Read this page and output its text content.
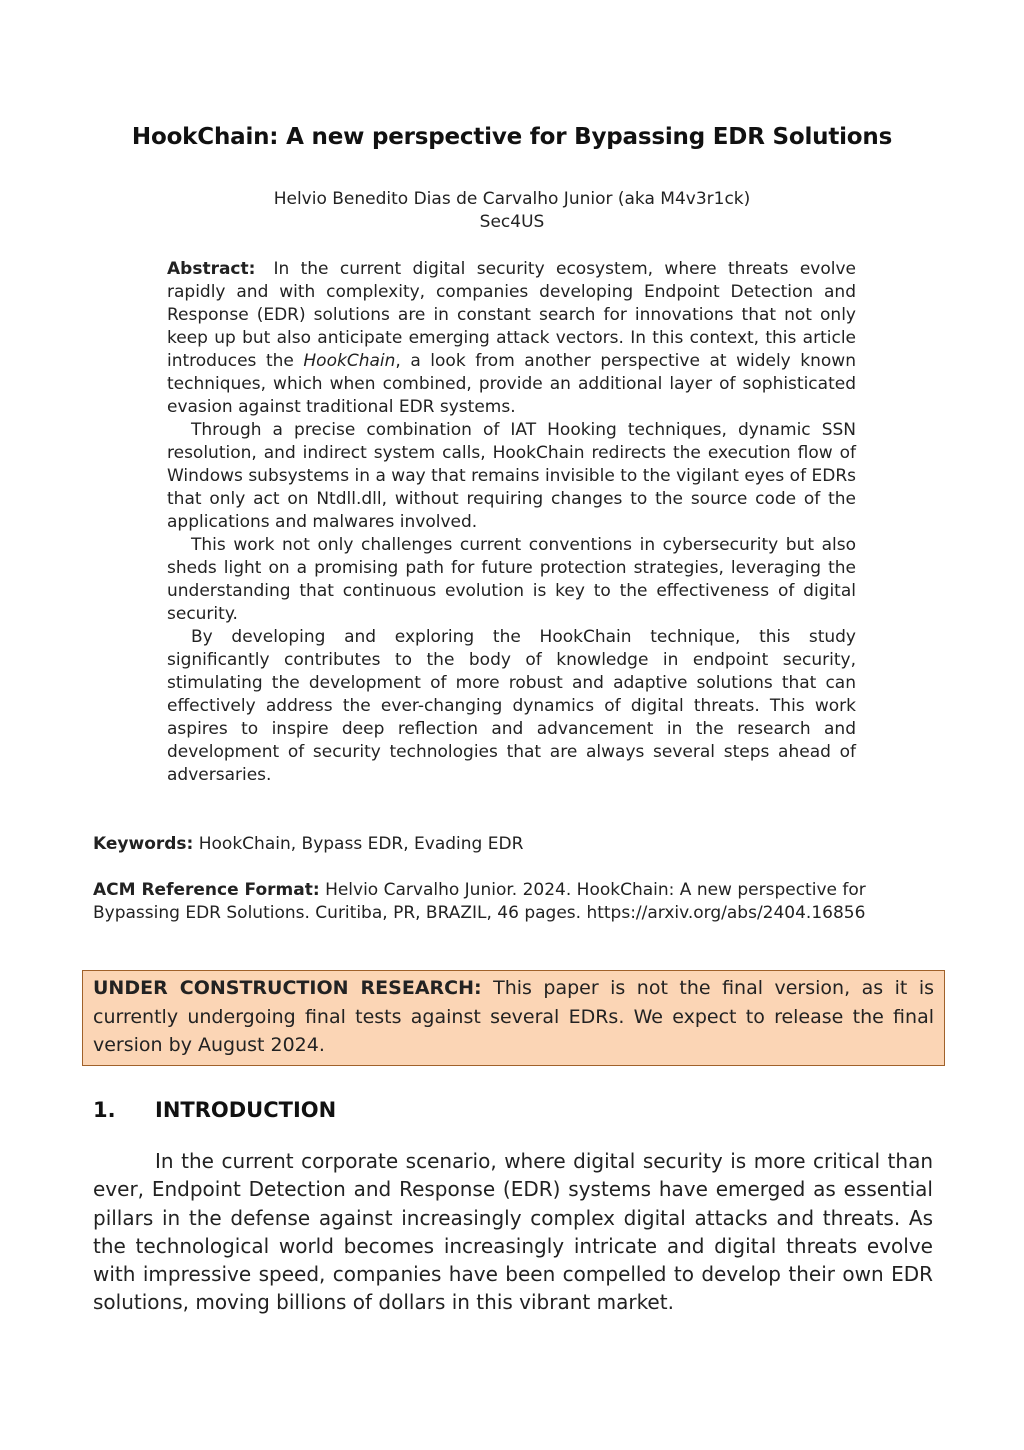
HookChain: A new perspective for Bypassing EDR Solutions
Helvio Benedito Dias de Carvalho Junior (aka M4v3r1ck)
Sec4US

Abstract: In the current digital security ecosystem, where threats evolve rapidly and with complexity, companies developing Endpoint Detection and Response (EDR) solutions are in constant search for innovations that not only keep up but also anticipate emerging attack vectors. In this context, this article introduces the HookChain, a look from another perspective at widely known techniques, which when combined, provide an additional layer of sophisticated evasion against traditional EDR systems.

Through a precise combination of IAT Hooking techniques, dynamic SSN resolution, and indirect system calls, HookChain redirects the execution flow of Windows subsystems in a way that remains invisible to the vigilant eyes of EDRs that only act on Ntdll.dll, without requiring changes to the source code of the applications and malwares involved.

This work not only challenges current conventions in cybersecurity but also sheds light on a promising path for future protection strategies, leveraging the understanding that continuous evolution is key to the effectiveness of digital security.

By developing and exploring the HookChain technique, this study significantly contributes to the body of knowledge in endpoint security, stimulating the development of more robust and adaptive solutions that can effectively address the ever-changing dynamics of digital threats. This work aspires to inspire deep reflection and advancement in the research and development of security technologies that are always several steps ahead of adversaries.

Keywords: HookChain, Bypass EDR, Evading EDR
ACM Reference Format: Helvio Carvalho Junior. 2024. HookChain: A new perspective for Bypassing EDR Solutions. Curitiba, PR, BRAZIL, 46 pages. https://arxiv.org/abs/2404.16856
UNDER CONSTRUCTION RESEARCH: This paper is not the final version, as it is currently undergoing final tests against several EDRs. We expect to release the final version by August 2024.
1. INTRODUCTION

In the current corporate scenario, where digital security is more critical than ever, Endpoint Detection and Response (EDR) systems have emerged as essential pillars in the defense against increasingly complex digital attacks and threats. As the technological world becomes increasingly intricate and digital threats evolve with impressive speed, companies have been compelled to develop their own EDR solutions, moving billions of dollars in this vibrant market.
